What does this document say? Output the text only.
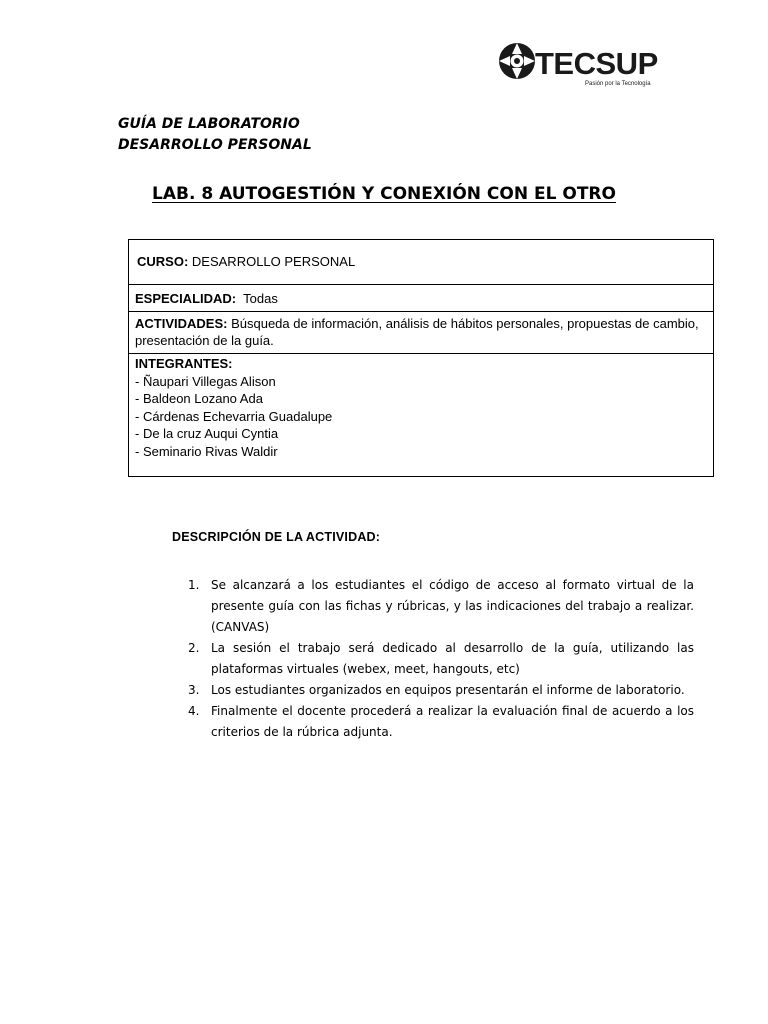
TECSUP
Pasión por la Tecnología
GUÍA DE LABORATORIO
DESARROLLO PERSONAL
LAB. 8 AUTOGESTIÓN Y CONEXIÓN CON EL OTRO
CURSO: DESARROLLO PERSONAL
ESPECIALIDAD: Todas
ACTIVIDADES: Búsqueda de información, análisis de hábitos personales, propuestas de cambio, presentación de la guía.
INTEGRANTES:
- Ñaupari Villegas Alison
- Baldeon Lozano Ada
- Cárdenas Echevarria Guadalupe
- De la cruz Auqui Cyntia
- Seminario Rivas Waldir
DESCRIPCIÓN DE LA ACTIVIDAD:
1. Se alcanzará a los estudiantes el código de acceso al formato virtual de la presente guía con las fichas y rúbricas, y las indicaciones del trabajo a realizar. (CANVAS)
2. La sesión el trabajo será dedicado al desarrollo de la guía, utilizando las plataformas virtuales (webex, meet, hangouts, etc)
3. Los estudiantes organizados en equipos presentarán el informe de laboratorio.
4. Finalmente el docente procederá a realizar la evaluación final de acuerdo a los criterios de la rúbrica adjunta.
